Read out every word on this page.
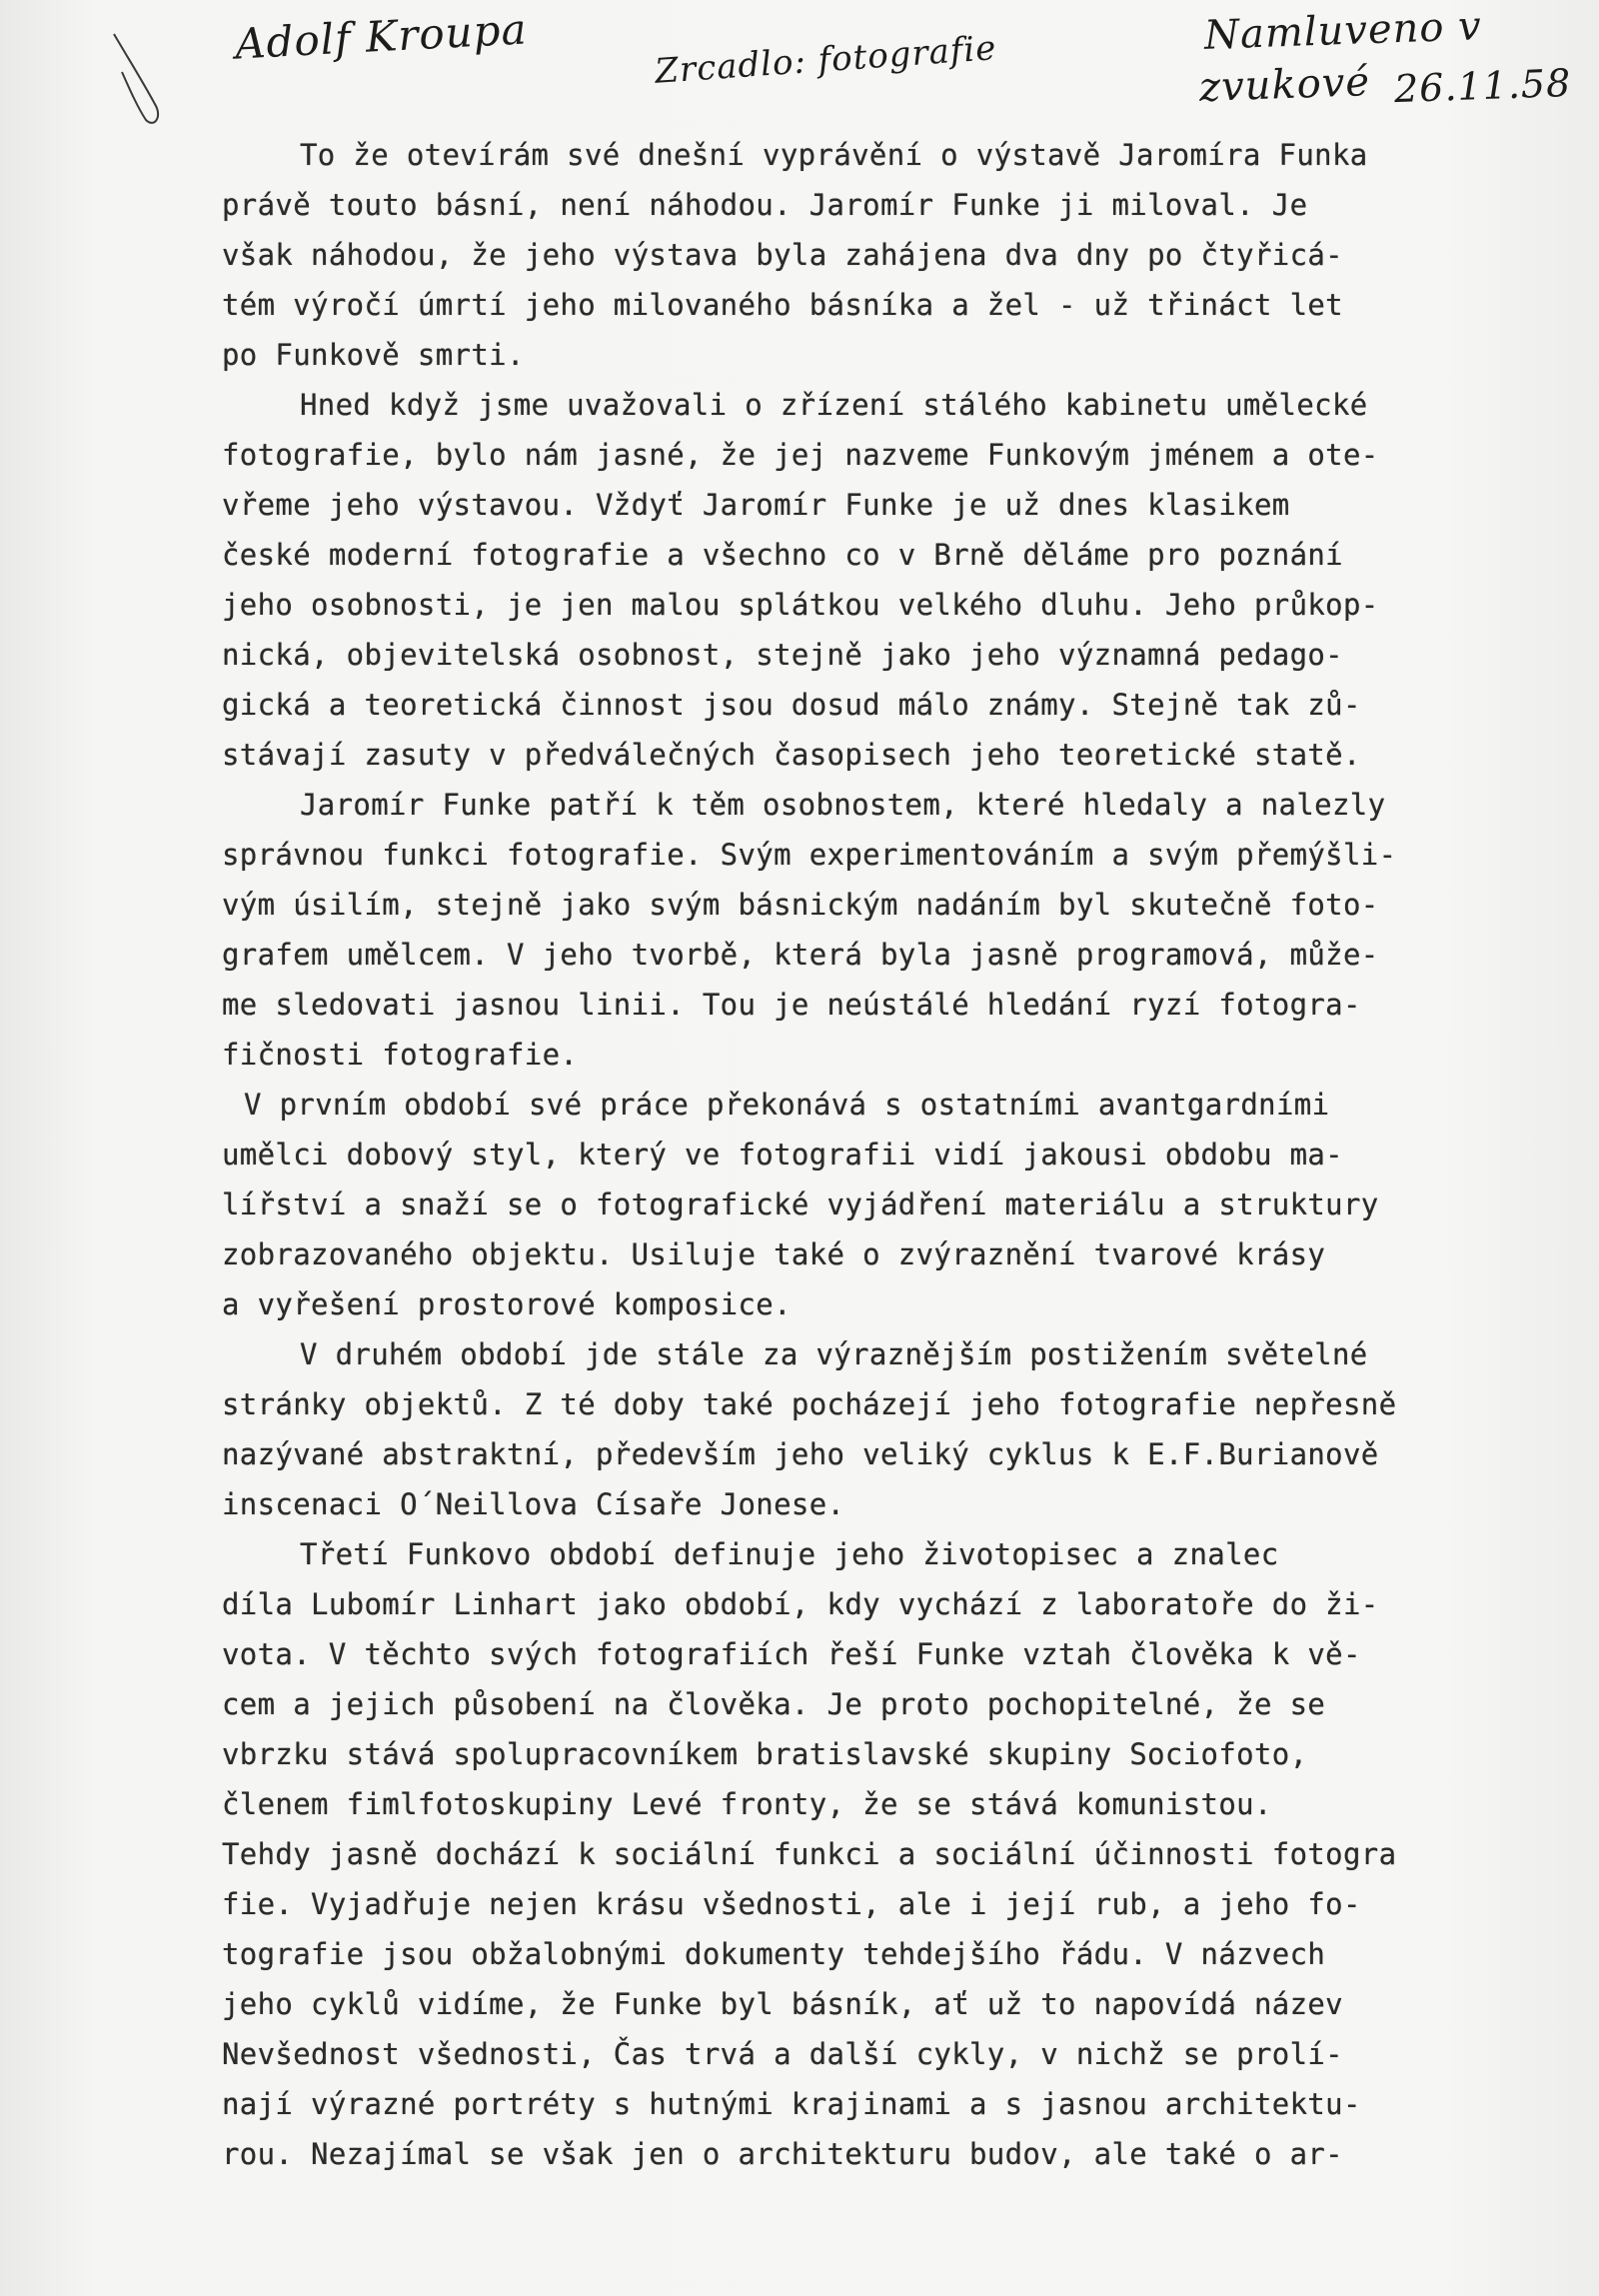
Adolf Kroupa	Zrcadlo: fotografie	Namluveno v
zvukové 26.11.58
To že otevírám své dnešní vyprávění o výstavě Jaromíra Funka
právě touto básní, není náhodou. Jaromír Funke ji miloval. Je
však náhodou, že jeho výstava byla zahájena dva dny po čtyřicá-
tém výročí úmrtí jeho milovaného básníka a žel - už třináct let
po Funkově smrti.
Hned když jsme uvažovali o zřízení stálého kabinetu umělecké
fotografie, bylo nám jasné, že jej nazveme Funkovým jménem a ote-
vřeme jeho výstavou. Vždyť Jaromír Funke je už dnes klasikem
české moderní fotografie a všechno co v Brně děláme pro poznání
jeho osobnosti, je jen malou splátkou velkého dluhu. Jeho průkop-
nická, objevitelská osobnost, stejně jako jeho významná pedago-
gická a teoretická činnost jsou dosud málo známy. Stejně tak zů-
stávají zasuty v předválečných časopisech jeho teoretické statě.
Jaromír Funke patří k těm osobnostem, které hledaly a nalezly
správnou funkci fotografie. Svým experimentováním a svým přemýšli-
vým úsilím, stejně jako svým básnickým nadáním byl skutečně foto-
grafem umělcem. V jeho tvorbě, která byla jasně programová, může-
me sledovati jasnou linii. Tou je neústálé hledání ryzí fotogra-
fičnosti fotografie.
V prvním období své práce překonává s ostatními avantgardními
umělci dobový styl, který ve fotografii vidí jakousi obdobu ma-
lířství a snaží se o fotografické vyjádření materiálu a struktury
zobrazovaného objektu. Usiluje také o zvýraznění tvarové krásy
a vyřešení prostorové komposice.
V druhém období jde stále za výraznějším postižením světelné
stránky objektů. Z té doby také pocházejí jeho fotografie nepřesně
nazývané abstraktní, především jeho veliký cyklus k E.F.Burianově
inscenaci O´Neillova Císaře Jonese.
Třetí Funkovo období definuje jeho životopisec a znalec
díla Lubomír Linhart jako období, kdy vychází z laboratoře do ži-
vota. V těchto svých fotografiích řeší Funke vztah člověka k vě-
cem a jejich působení na člověka. Je proto pochopitelné, že se
vbrzku stává spolupracovníkem bratislavské skupiny Sociofoto,
členem fimlfotoskupiny Levé fronty, že se stává komunistou.
Tehdy jasně dochází k sociální funkci a sociální účinnosti fotogra
fie. Vyjadřuje nejen krásu všednosti, ale i její rub, a jeho fo-
tografie jsou obžalobnými dokumenty tehdejšího řádu. V názvech
jeho cyklů vidíme, že Funke byl básník, ať už to napovídá název
Nevšednost všednosti, Čas trvá a další cykly, v nichž se prolí-
nají výrazné portréty s hutnými krajinami a s jasnou architektu-
rou. Nezajímal se však jen o architekturu budov, ale také o ar-
